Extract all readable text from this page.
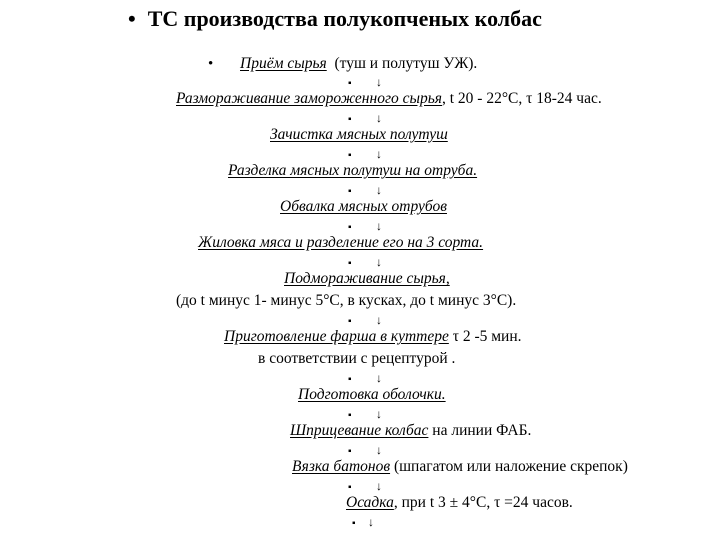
• ТС производства полукопченых колбас
• Приём сырья (туш и полутуш УЖ).
▪ ↓
Размораживание замороженного сырья, t 20 - 22°С, τ 18-24 час.
▪ ↓
Зачистка мясных полутуш
▪ ↓
Разделка мясных полутуш на отруба.
▪ ↓
Обвалка мясных отрубов
▪ ↓
Жиловка мяса и разделение его на 3 сорта.
▪ ↓
Подмораживание сырья,
(до t минус 1- минус 5°С, в кусках, до t минус 3°С).
▪ ↓
Приготовление фарша в куттере τ 2 -5 мин.
в соответствии с рецептурой .
▪ ↓
Подготовка оболочки.
▪ ↓
Шприцевание колбас на линии ФАБ.
▪ ↓
Вязка батонов (шпагатом или наложение скрепок)
▪ ↓
Осадка, при t 3 ± 4°С, τ =24 часов.
▪ ↓
